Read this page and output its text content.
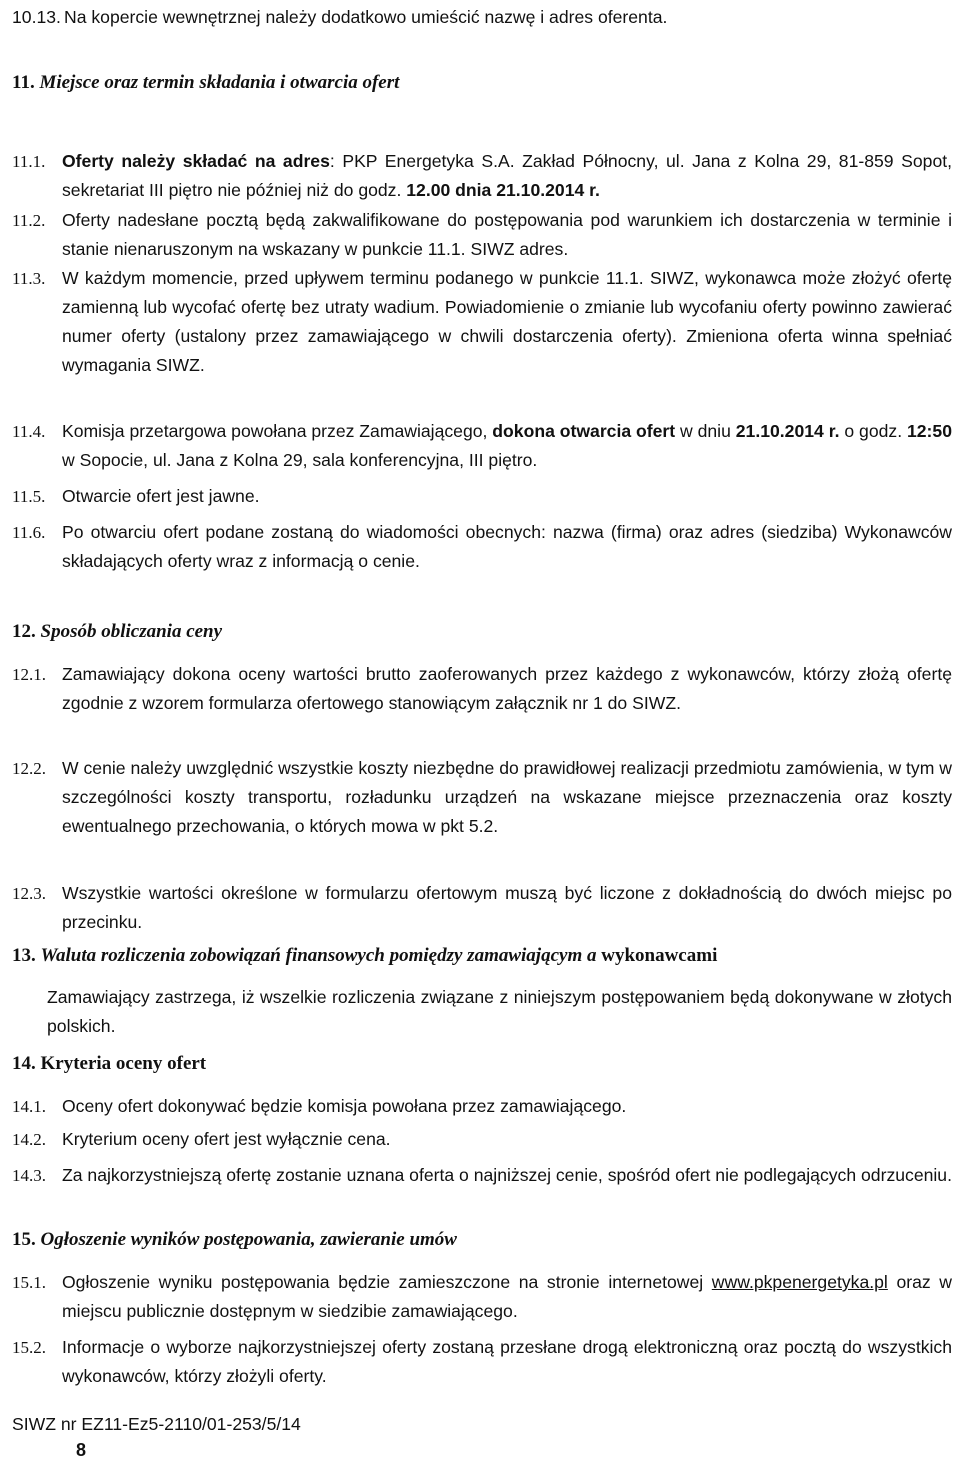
10.13. Na kopercie wewnętrznej należy dodatkowo umieścić nazwę i adres oferenta.
11. Miejsce oraz termin składania i otwarcia ofert
11.1. Oferty należy składać na adres: PKP Energetyka S.A. Zakład Północny, ul. Jana z Kolna 29, 81-859 Sopot, sekretariat III piętro nie później niż do godz. 12.00 dnia 21.10.2014 r.
11.2. Oferty nadesłane pocztą będą zakwalifikowane do postępowania pod warunkiem ich dostarczenia w terminie i stanie nienaruszonym na wskazany w punkcie 11.1. SIWZ adres.
11.3. W każdym momencie, przed upływem terminu podanego w punkcie 11.1. SIWZ, wykonawca może złożyć ofertę zamienną lub wycofać ofertę bez utraty wadium. Powiadomienie o zmianie lub wycofaniu oferty powinno zawierać numer oferty (ustalony przez zamawiającego w chwili dostarczenia oferty). Zmieniona oferta winna spełniać wymagania SIWZ.
11.4. Komisja przetargowa powołana przez Zamawiającego, dokona otwarcia ofert w dniu 21.10.2014 r. o godz. 12:50 w Sopocie, ul. Jana z Kolna 29, sala konferencyjna, III piętro.
11.5. Otwarcie ofert jest jawne.
11.6. Po otwarciu ofert podane zostaną do wiadomości obecnych: nazwa (firma) oraz adres (siedziba) Wykonawców składających oferty wraz z informacją o cenie.
12. Sposób obliczania ceny
12.1. Zamawiający dokona oceny wartości brutto zaoferowanych przez każdego z wykonawców, którzy złożą ofertę zgodnie z wzorem formularza ofertowego stanowiącym załącznik nr 1 do SIWZ.
12.2. W cenie należy uwzględnić wszystkie koszty niezbędne do prawidłowej realizacji przedmiotu zamówienia, w tym w szczególności koszty transportu, rozładunku urządzeń na wskazane miejsce przeznaczenia oraz koszty ewentualnego przechowania, o których mowa w pkt 5.2.
12.3. Wszystkie wartości określone w formularzu ofertowym muszą być liczone z dokładnością do dwóch miejsc po przecinku.
13. Waluta rozliczenia zobowiązań finansowych pomiędzy zamawiającym a wykonawcami
Zamawiający zastrzega, iż wszelkie rozliczenia związane z niniejszym postępowaniem będą dokonywane w złotych polskich.
14. Kryteria oceny ofert
14.1. Oceny ofert dokonywać będzie komisja powołana przez zamawiającego.
14.2. Kryterium oceny ofert jest wyłącznie cena.
14.3. Za najkorzystniejszą ofertę zostanie uznana oferta o najniższej cenie, spośród ofert nie podlegających odrzuceniu.
15. Ogłoszenie wyników postępowania, zawieranie umów
15.1. Ogłoszenie wyniku postępowania będzie zamieszczone na stronie internetowej www.pkpenergetyka.pl oraz w miejscu publicznie dostępnym w siedzibie zamawiającego.
15.2. Informacje o wyborze najkorzystniejszej oferty zostaną przesłane drogą elektroniczną oraz pocztą do wszystkich wykonawców, którzy złożyli oferty.
SIWZ nr EZ11-Ez5-2110/01-253/5/14
8
